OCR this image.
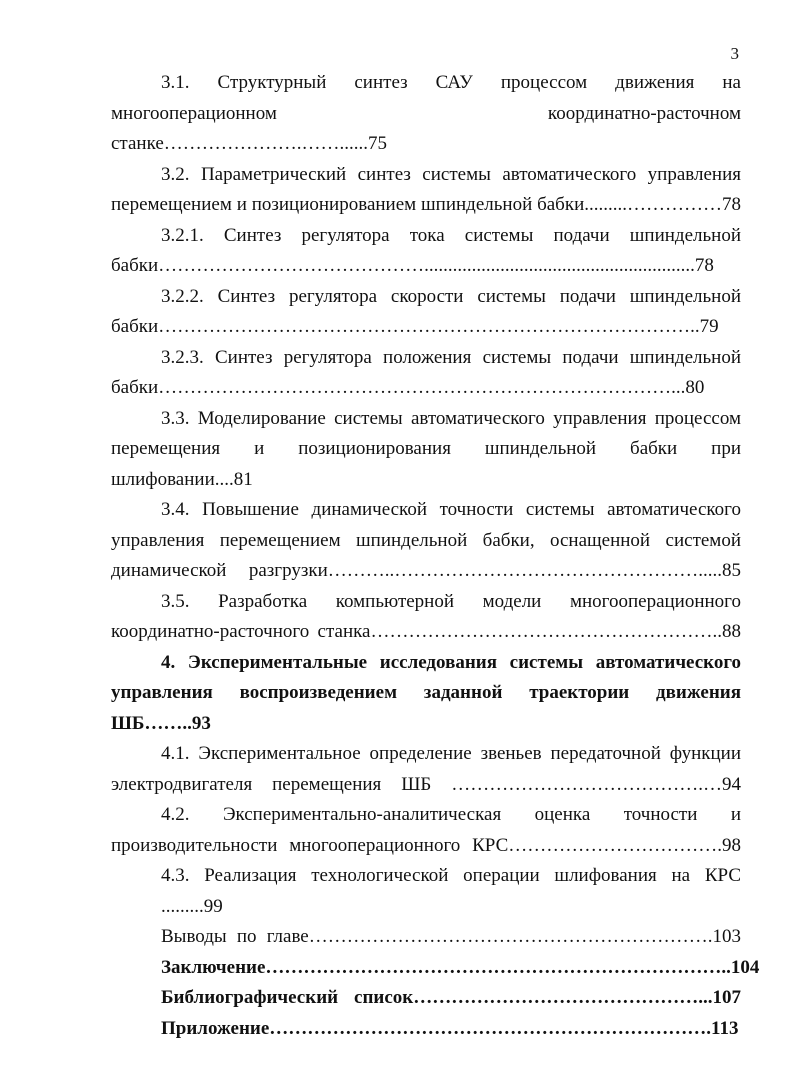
3
3.1. Структурный синтез САУ процессом движения на
многооперационном координатно-расточном станке………………….……......75
3.2. Параметрический синтез системы автоматического управления
перемещением и позиционированием шпиндельной бабки.........……………78
3.2.1. Синтез регулятора тока системы подачи шпиндельной
бабки…………………………………….........................................................78
3.2.2. Синтез регулятора скорости системы подачи шпиндельной
бабки…………………………………………………………………………..79
3.2.3. Синтез регулятора положения системы подачи шпиндельной
бабки………………………………………………………………………...80
3.3. Моделирование системы автоматического управления процессом
перемещения и позиционирования шпиндельной бабки при шлифовании....81
3.4. Повышение динамической точности системы автоматического
управления перемещением шпиндельной бабки, оснащенной системой
динамической разгрузки………..………………………………………….....85
3.5. Разработка компьютерной модели многооперационного
координатно-расточного станка………………………………………………..88
4. Экспериментальные исследования системы автоматического
управления воспроизведением заданной траектории движения ШБ……..93
4.1. Экспериментальное определение звеньев передаточной функции
электродвигателя перемещения ШБ ………………………………….…94
4.2. Экспериментально-аналитическая оценка точности и
производительности многооперационного КРС…………………………….98
4.3. Реализация технологической операции шлифования на КРС .........99
Выводы по главе……………………………………………………….103
Заключение………………………………………………………………..104
Библиографический список………………………………………...107
Приложение…………………………………………………………….113
